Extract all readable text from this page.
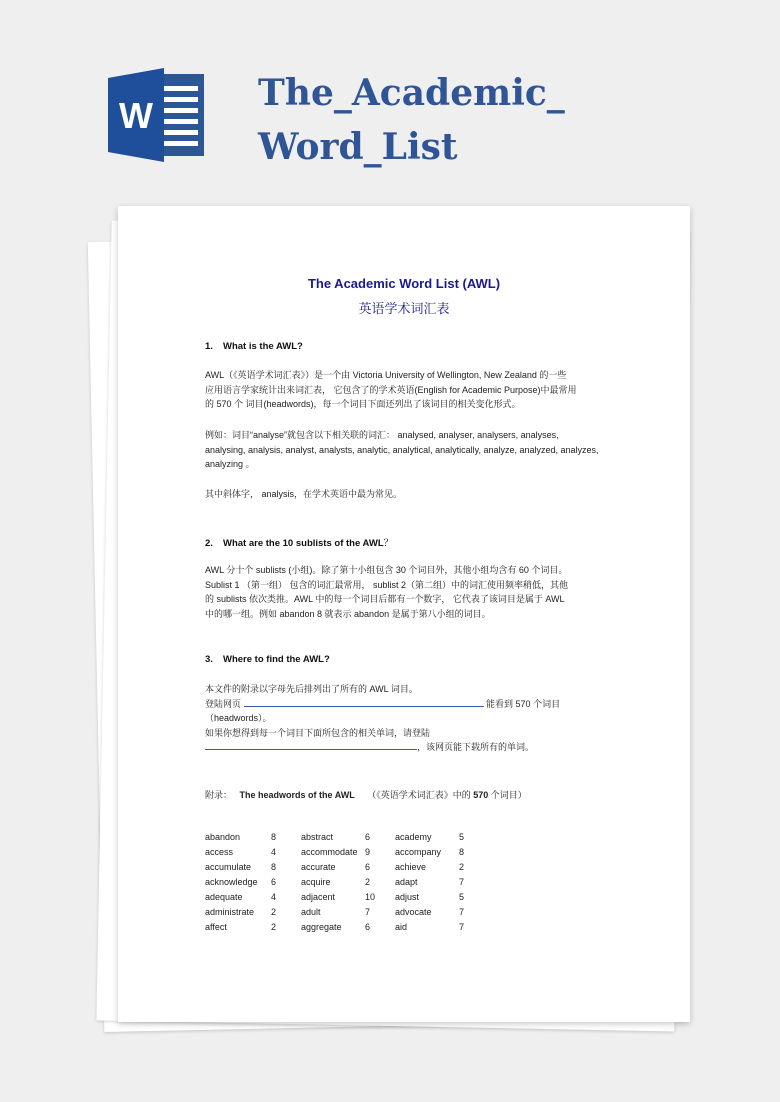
W
The_Academic_
Word_List
The Academic Word List (AWL)
英语学术词汇表
1. What is the AWL?
AWL（《英语学术词汇表》）是一个由 Victoria University of Wellington, New Zealand 的一些
应用语言学家统计出来词汇表， 它包含了的学术英语(English for Academic Purpose)中最常用
的 570 个 词目(headwords)，每一个词目下面还列出了该词目的相关变化形式。
例如：词目“analyse”就包含以下相关联的词汇： analysed, analyser, analysers, analyses,
analysing, analysis, analyst, analysts, analytic, analytical, analytically, analyze, analyzed, analyzes,
analyzing 。
其中斜体字， analysis，在学术英语中最为常见。
2. What are the 10 sublists of the AWL？
AWL 分十个 sublists (小组)。除了第十小组包含 30 个词目外，其他小组均含有 60 个词目。
Sublist 1 （第一组） 包含的词汇最常用， sublist 2（第二组）中的词汇使用频率稍低，其他
的 sublists 依次类推。AWL 中的每一个词目后都有一个数字， 它代表了该词目是属于 AWL
中的哪一组。例如 abandon 8 就表示 abandon 是属于第八小组的词目。
3. Where to find the AWL?
本文件的附录以字母先后排列出了所有的 AWL 词目。
登陆网页	能看到 570 个词目
（headwords）。
如果你想得到每一个词目下面所包含的相关单词，请登陆
，该网页能下载所有的单词。
附录： The headwords of the AWL （《英语学术词汇表》中的 570 个词目）
abandon	8	abstract	6	academy	5
access	4	accommodate 9	accompany 8
accumulate 8	accurate	6	achieve	2
acknowledge 6	acquire	2	adapt	7
adequate	4	adjacent	10 adjust	5
administrate 2	adult	7	advocate	7
affect	2	aggregate	6	aid	7
